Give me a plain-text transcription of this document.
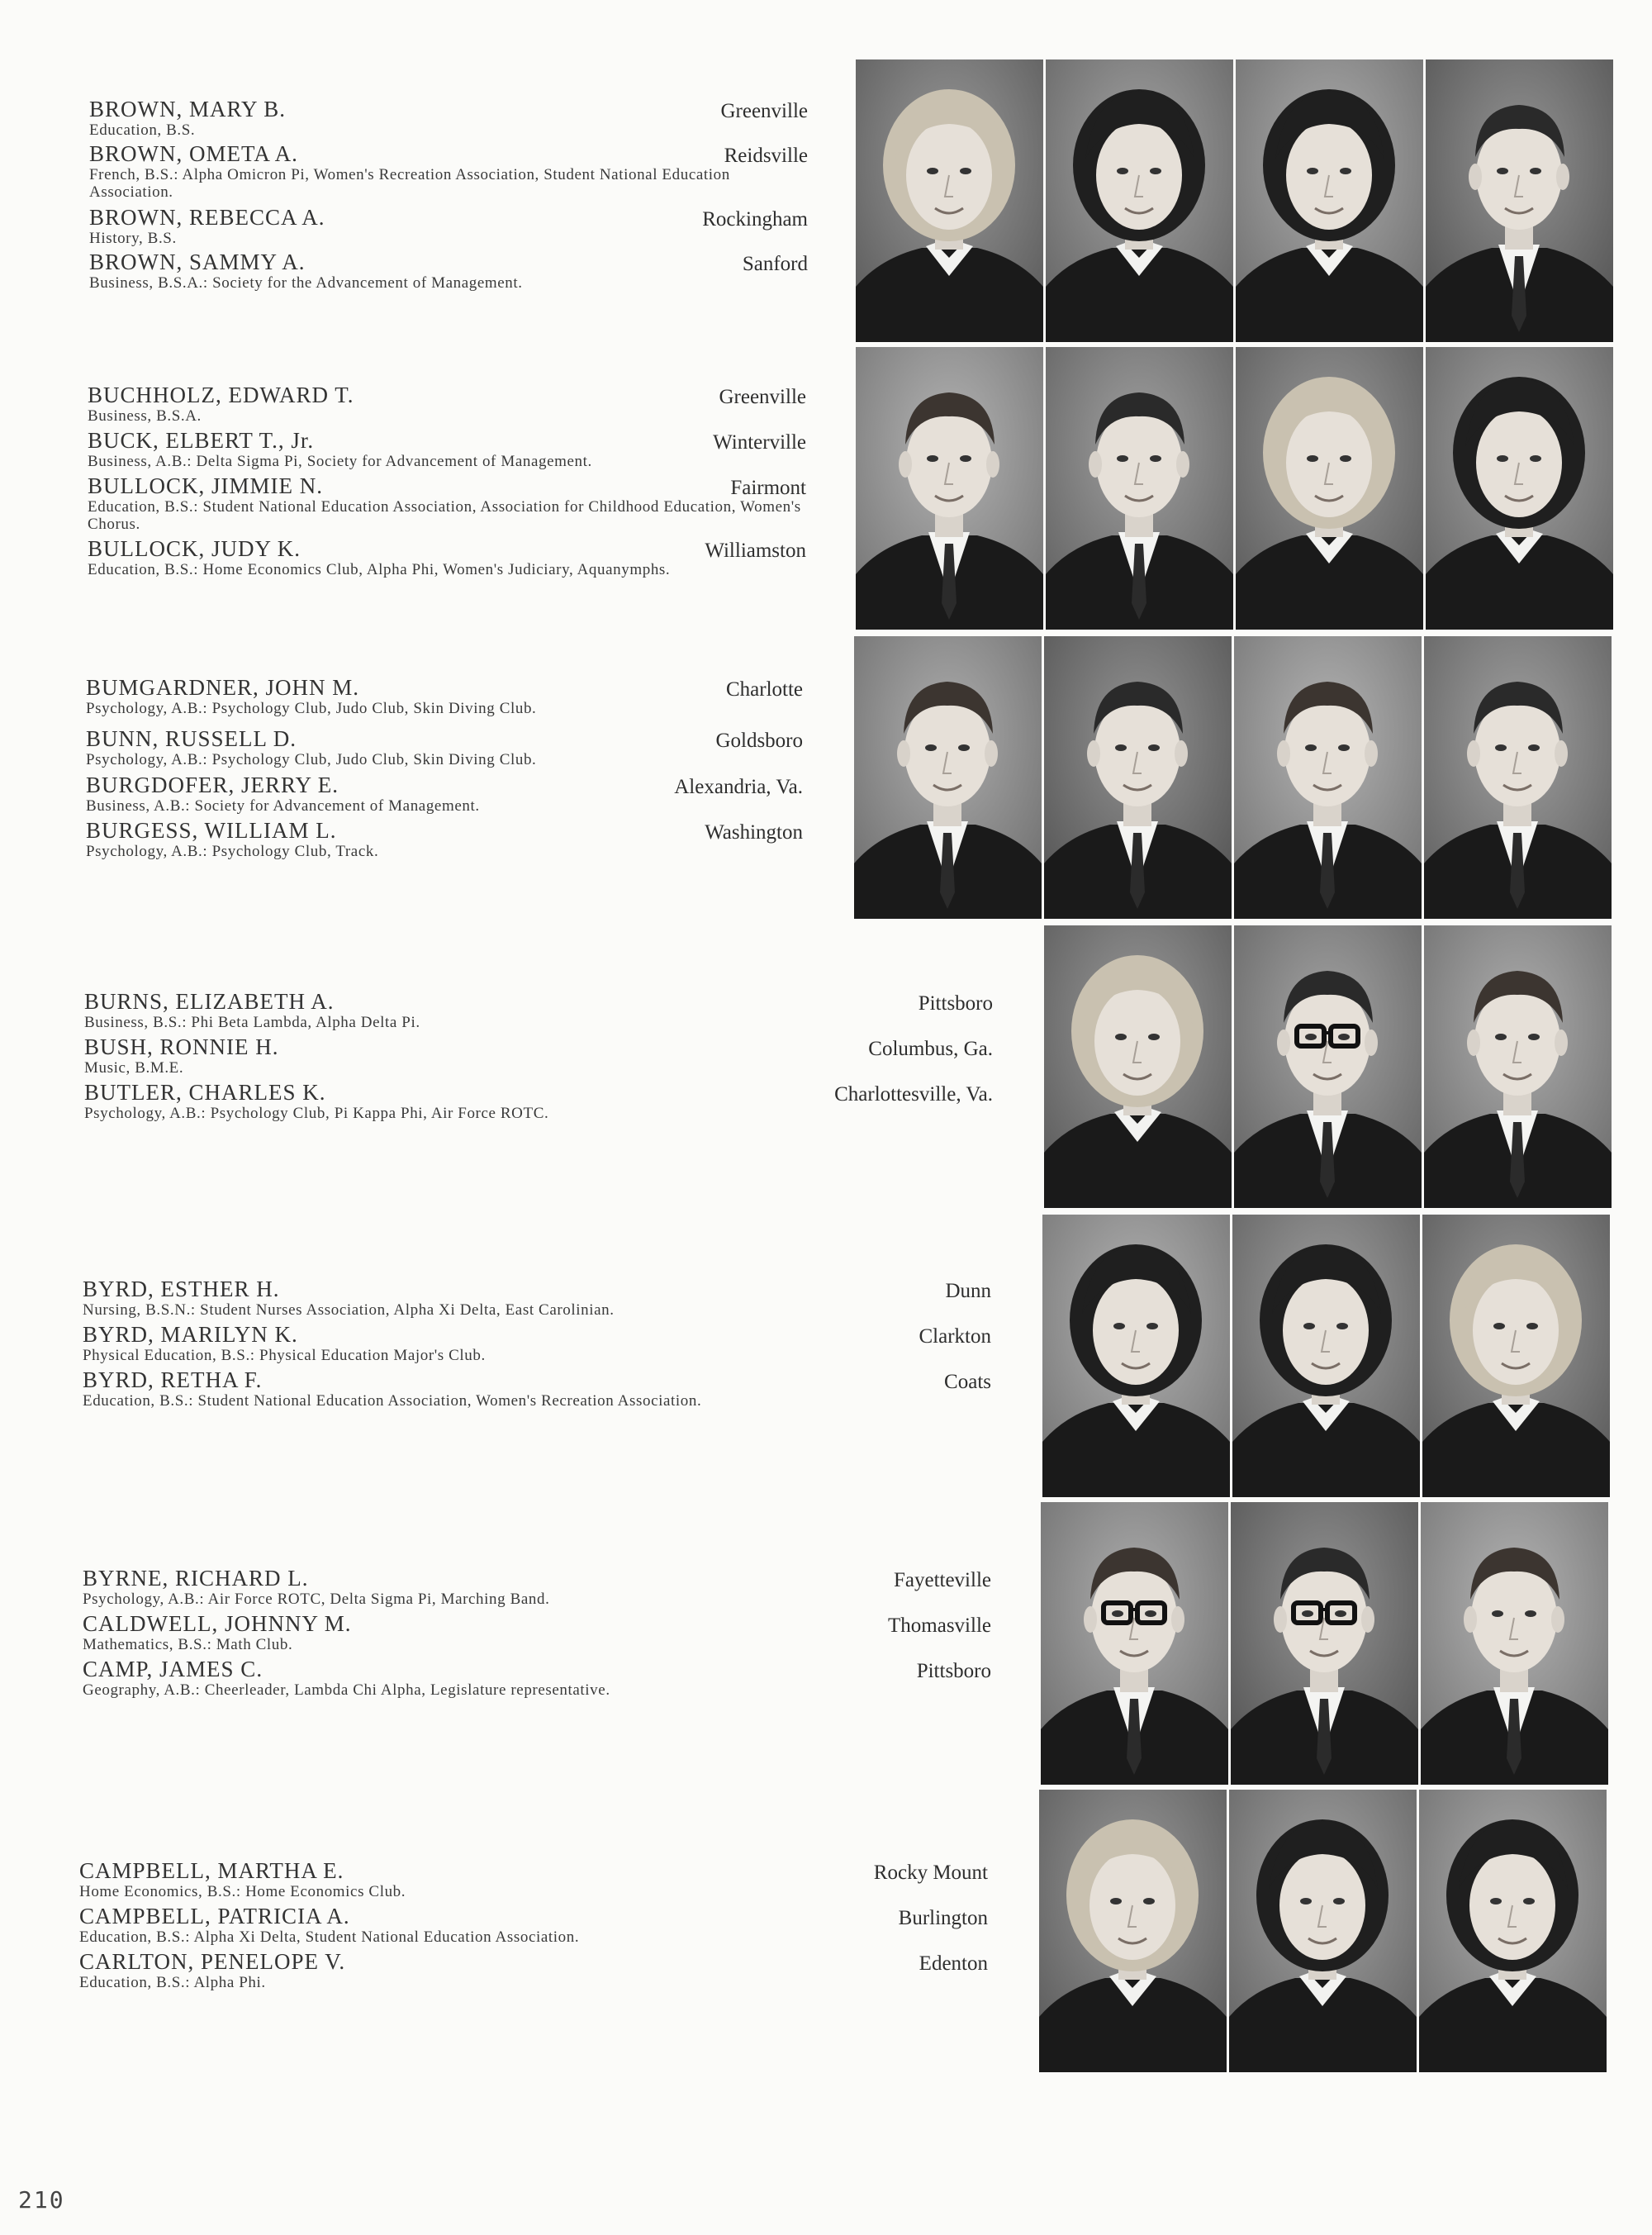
BROWN, MARY B.
Education, B.S.
Greenville
BROWN, OMETA A.
French, B.S.: Alpha Omicron Pi, Women's Recreation Association, Student National Education Association.
Reidsville
BROWN, REBECCA A.
History, B.S.
Rockingham
BROWN, SAMMY A.
Business, B.S.A.: Society for the Advancement of Management.
Sanford
BUCHHOLZ, EDWARD T.
Business, B.S.A.
Greenville
BUCK, ELBERT T., Jr.
Business, A.B.: Delta Sigma Pi, Society for Advancement of Management.
Winterville
BULLOCK, JIMMIE N.
Education, B.S.: Student National Education Association, Association for Childhood Education, Women's Chorus.
Fairmont
BULLOCK, JUDY K.
Education, B.S.: Home Economics Club, Alpha Phi, Women's Judiciary, Aquanymphs.
Williamston
BUMGARDNER, JOHN M.
Psychology, A.B.: Psychology Club, Judo Club, Skin Diving Club.
Charlotte
BUNN, RUSSELL D.
Psychology, A.B.: Psychology Club, Judo Club, Skin Diving Club.
Goldsboro
BURGDOFER, JERRY E.
Business, A.B.: Society for Advancement of Management.
Alexandria, Va.
BURGESS, WILLIAM L.
Psychology, A.B.: Psychology Club, Track.
Washington
BURNS, ELIZABETH A.
Business, B.S.: Phi Beta Lambda, Alpha Delta Pi.
Pittsboro
BUSH, RONNIE H.
Music, B.M.E.
Columbus, Ga.
BUTLER, CHARLES K.
Psychology, A.B.: Psychology Club, Pi Kappa Phi, Air Force ROTC.
Charlottesville, Va.
BYRD, ESTHER H.
Nursing, B.S.N.: Student Nurses Association, Alpha Xi Delta, East Carolinian.
Dunn
BYRD, MARILYN K.
Physical Education, B.S.: Physical Education Major's Club.
Clarkton
BYRD, RETHA F.
Education, B.S.: Student National Education Association, Women's Recreation Association.
Coats
BYRNE, RICHARD L.
Psychology, A.B.: Air Force ROTC, Delta Sigma Pi, Marching Band.
Fayetteville
CALDWELL, JOHNNY M.
Mathematics, B.S.: Math Club.
Thomasville
CAMP, JAMES C.
Geography, A.B.: Cheerleader, Lambda Chi Alpha, Legislature representative.
Pittsboro
CAMPBELL, MARTHA E.
Home Economics, B.S.: Home Economics Club.
Rocky Mount
CAMPBELL, PATRICIA A.
Education, B.S.: Alpha Xi Delta, Student National Education Association.
Burlington
CARLTON, PENELOPE V.
Education, B.S.: Alpha Phi.
Edenton
210
